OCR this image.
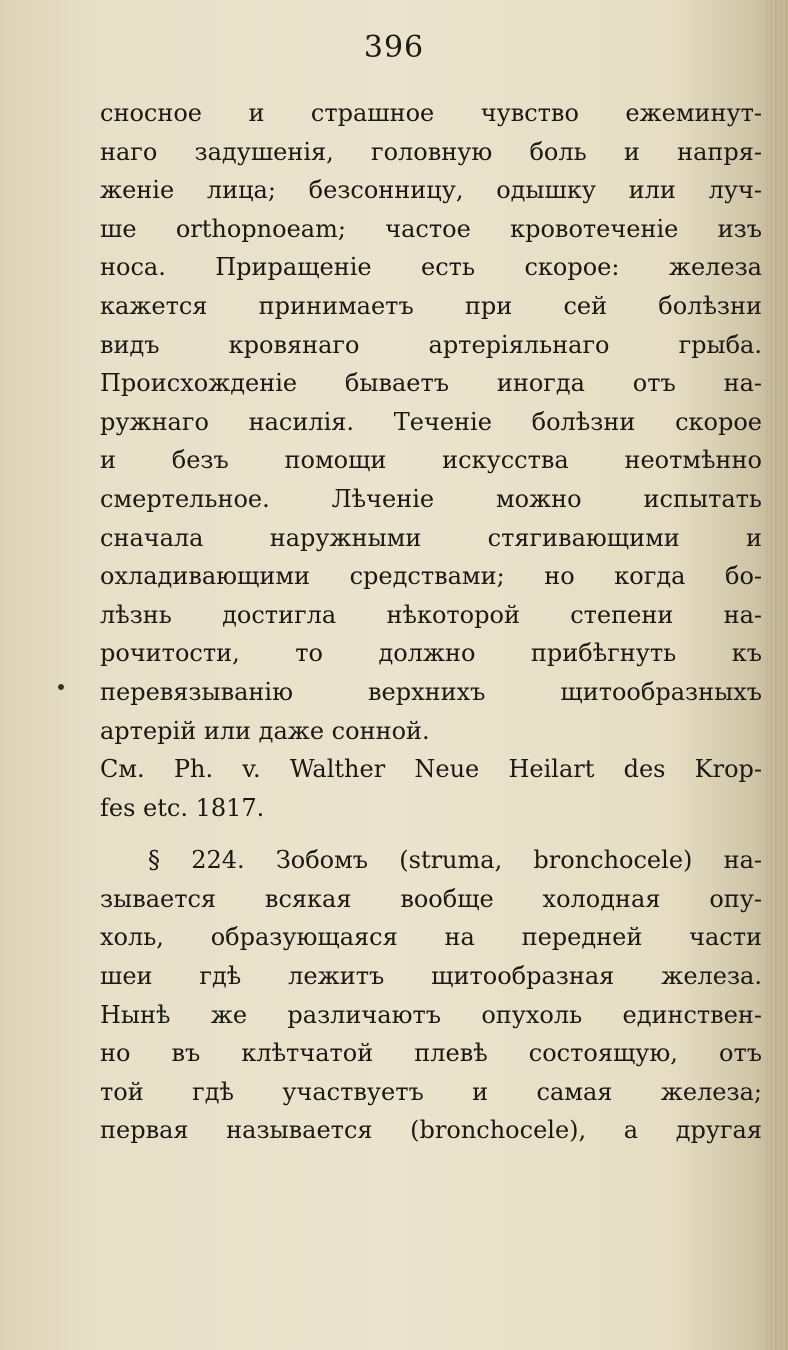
396
сносное и страшное чувство ежеминут-
наго задушенія, головную боль и напря-
женіе лица; безсонницу, одышку или луч-
ше orthopnoeam; частое кровотеченіе изъ
носа. Приращеніе есть скорое: железа
кажется принимаетъ при сей болѣзни
видъ кровянаго артеріяльнаго грыба.
Происхожденіе бываетъ иногда отъ на-
ружнаго насилія. Теченіе болѣзни скорое
и безъ помощи искусства неотмѣнно
смертельное. Лѣченіе можно испытать
сначала наружными стягивающими и
охладивающими средствами; но когда бо-
лѣзнь достигла нѣкоторой степени на-
рочитости, то должно прибѣгнуть къ
перевязыванію верхнихъ щитообразныхъ
артерій или даже сонной.
См. Ph. v. Walther Neue Heilart des Krop-
fes etc. 1817.
§ 224. Зобомъ (struma, bronchocele) на-
зывается всякая вообще холодная опу-
холь, образующаяся на передней части
шеи гдѣ лежитъ щитообразная железа.
Нынѣ же различаютъ опухоль единствен-
но въ клѣтчатой плевѣ состоящую, отъ
той гдѣ участвуетъ и самая железа;
первая называется (bronchocele), а другая
